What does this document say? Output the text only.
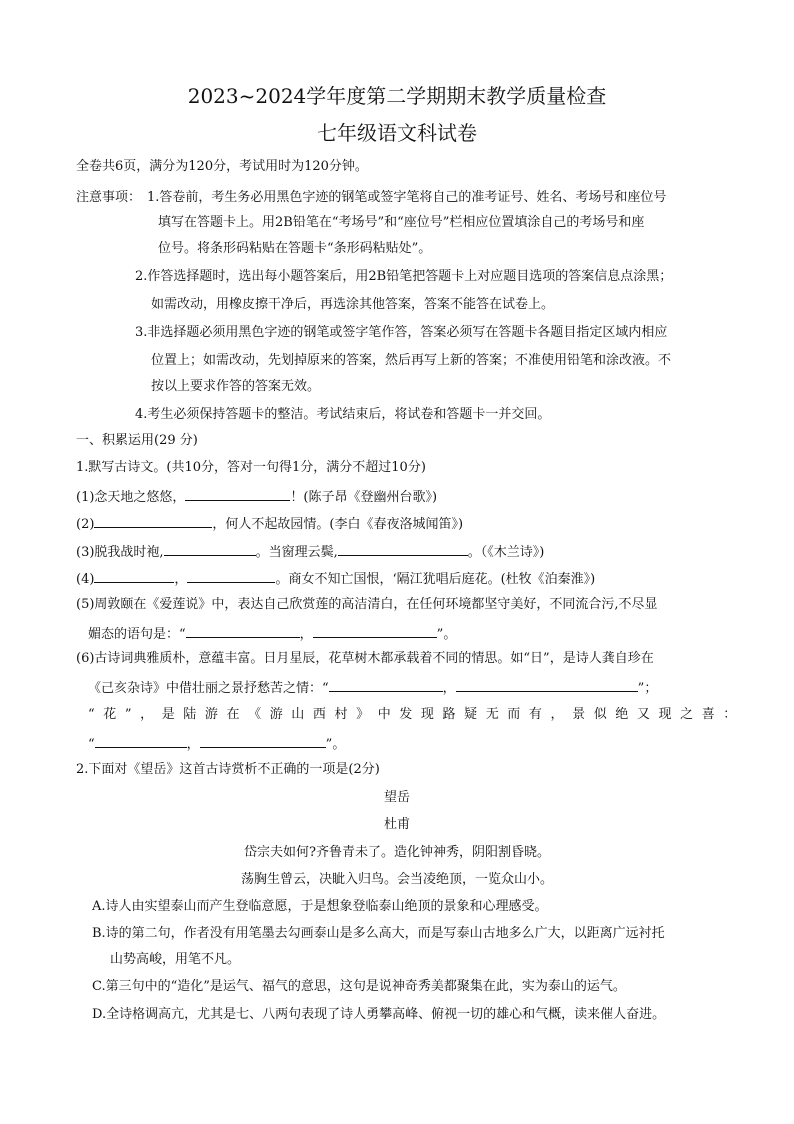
2023~2024学年度第二学期期末教学质量检查
七年级语文科试卷
全卷共6页，满分为120分，考试用时为120分钟。
注意事项： 1.答卷前，考生务必用黑色字迹的钢笔或签字笔将自己的准考证号、姓名、考场号和座位号
填写在答题卡上。用2B铅笔在“考场号”和“座位号”栏相应位置填涂自己的考场号和座
位号。将条形码粘贴在答题卡“条形码粘贴处”。
2.作答选择题时，选出每小题答案后，用2B铅笔把答题卡上对应题目选项的答案信息点涂黑；
如需改动，用橡皮擦干净后，再选涂其他答案，答案不能答在试卷上。
3.非选择题必须用黑色字迹的钢笔或签字笔作答，答案必须写在答题卡各题目指定区域内相应
位置上；如需改动，先划掉原来的答案，然后再写上新的答案；不准使用铅笔和涂改液。不
按以上要求作答的答案无效。
4.考生必须保持答题卡的整洁。考试结束后，将试卷和答题卡一并交回。
一、积累运用(29 分)
1.默写古诗文。(共10分，答对一句得1分，满分不超过10分)
(1)念天地之悠悠，	！(陈子昂《登幽州台歌》)
(2)	，何人不起故园情。(李白《春夜洛城闻笛》)
(3)脱我战时袍,	。当窗理云鬓,	。（《木兰诗》)
(4)	，	。商女不知亡国恨，‘隔江犹唱后庭花。(杜牧《泊秦淮》)
(5)周敦颐在《爱莲说》中，表达自己欣赏莲的高洁清白，在任何环境都坚守美好，不同流合污,不尽显
媚态的语句是：“	，	”。
(6)古诗词典雅质朴，意蕴丰富。日月星辰，花草树木都承载着不同的情思。如“日”，是诗人龚自珍在
《己亥杂诗》中借壮丽之景抒愁苦之情：“	，	”；
“花”，是陆游在《游山西村》中发现路疑无而有，景似绝又现之喜：
“	，	”。
2.下面对《望岳》这首古诗赏析不正确的一项是(2分)
望岳
杜甫
岱宗夫如何?齐鲁青未了。造化钟神秀，阴阳割昏晓。
荡胸生曾云，决眦入归鸟。会当凌绝顶，一览众山小。
A.诗人由实望泰山而产生登临意愿，于是想象登临泰山绝顶的景象和心理感受。
B.诗的第二句，作者没有用笔墨去勾画泰山是多么高大，而是写泰山古地多么广大，以距离广远衬托
山势高峻，用笔不凡。
C.第三句中的“造化”是运气、福气的意思，这句是说神奇秀美都聚集在此，实为泰山的运气。
D.全诗格调高亢，尤其是七、八两句表现了诗人勇攀高峰、俯视一切的雄心和气概，读来催人奋进。
